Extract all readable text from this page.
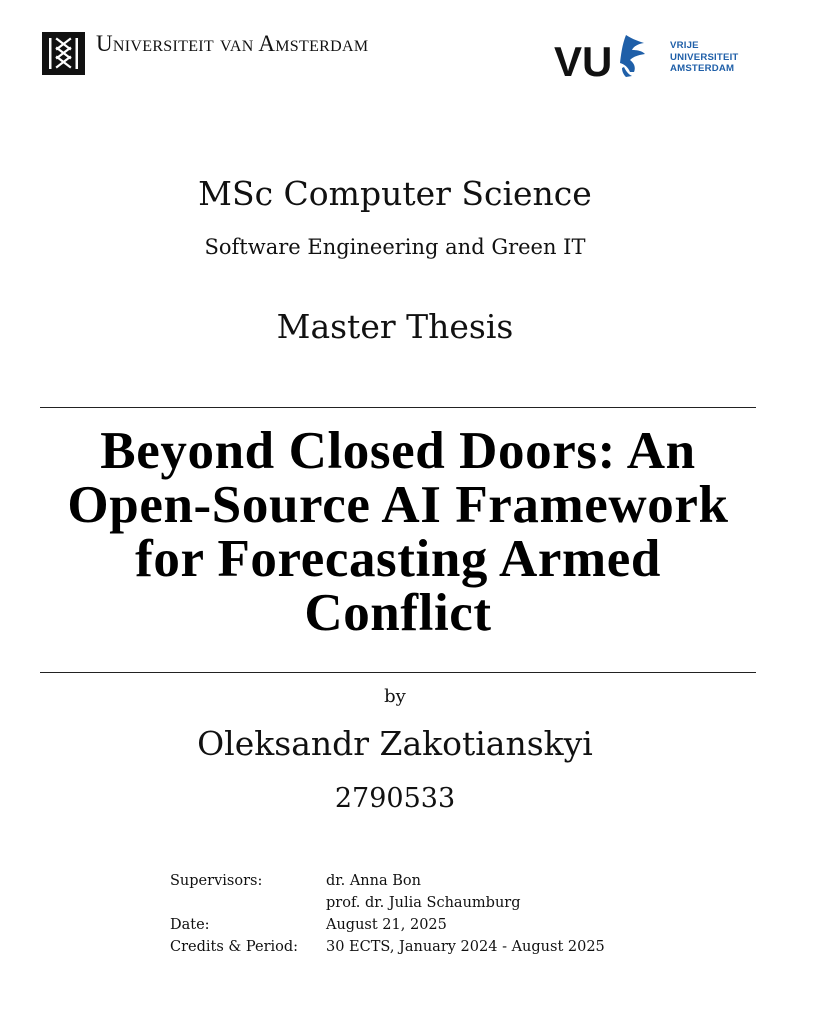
Universiteit van Amsterdam	VU	VRIJE
UNIVERSITEIT
AMSTERDAM
MSc Computer Science
Software Engineering and Green IT
Master Thesis
Beyond Closed Doors: An
Open-Source AI Framework
for Forecasting Armed
Conflict
by
Oleksandr Zakotianskyi
2790533
Supervisors:	dr. Anna Bon
	prof. dr. Julia Schaumburg
Date:	August 21, 2025
Credits & Period:	30 ECTS, January 2024 - August 2025
